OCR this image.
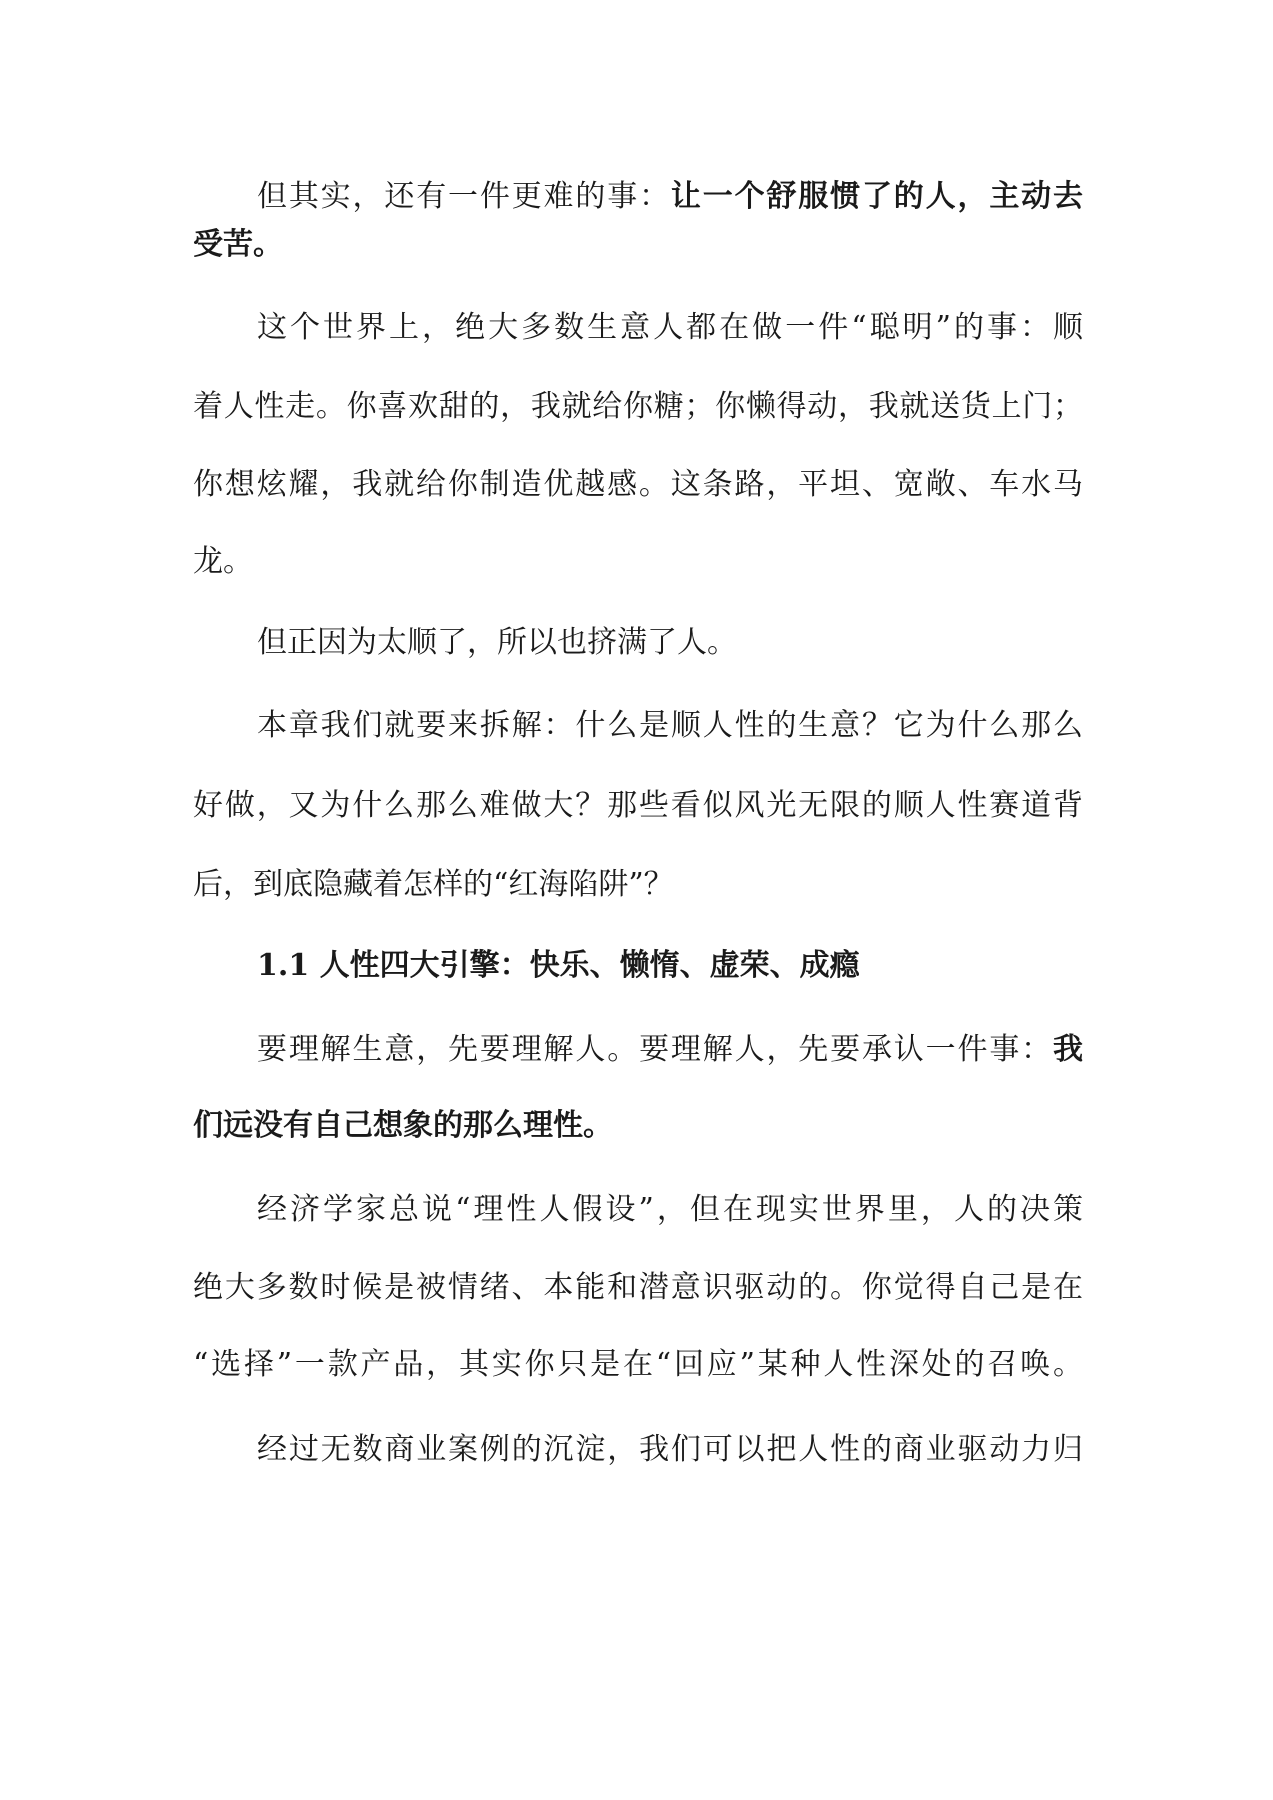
但其实，还有一件更难的事：让一个舒服惯了的人，主动去
受苦。
这个世界上，绝大多数生意人都在做一件“聪明”的事：顺
着人性走。你喜欢甜的，我就给你糖；你懒得动，我就送货上门；
你想炫耀，我就给你制造优越感。这条路，平坦、宽敞、车水马
龙。
但正因为太顺了，所以也挤满了人。
本章我们就要来拆解：什么是顺人性的生意？它为什么那么
好做，又为什么那么难做大？那些看似风光无限的顺人性赛道背
后，到底隐藏着怎样的“红海陷阱”？
1.1 人性四大引擎：快乐、懒惰、虚荣、成瘾
要理解生意，先要理解人。要理解人，先要承认一件事：我
们远没有自己想象的那么理性。
经济学家总说“理性人假设”，但在现实世界里，人的决策
绝大多数时候是被情绪、本能和潜意识驱动的。你觉得自己是在
“选择”一款产品，其实你只是在“回应”某种人性深处的召唤。
经过无数商业案例的沉淀，我们可以把人性的商业驱动力归
